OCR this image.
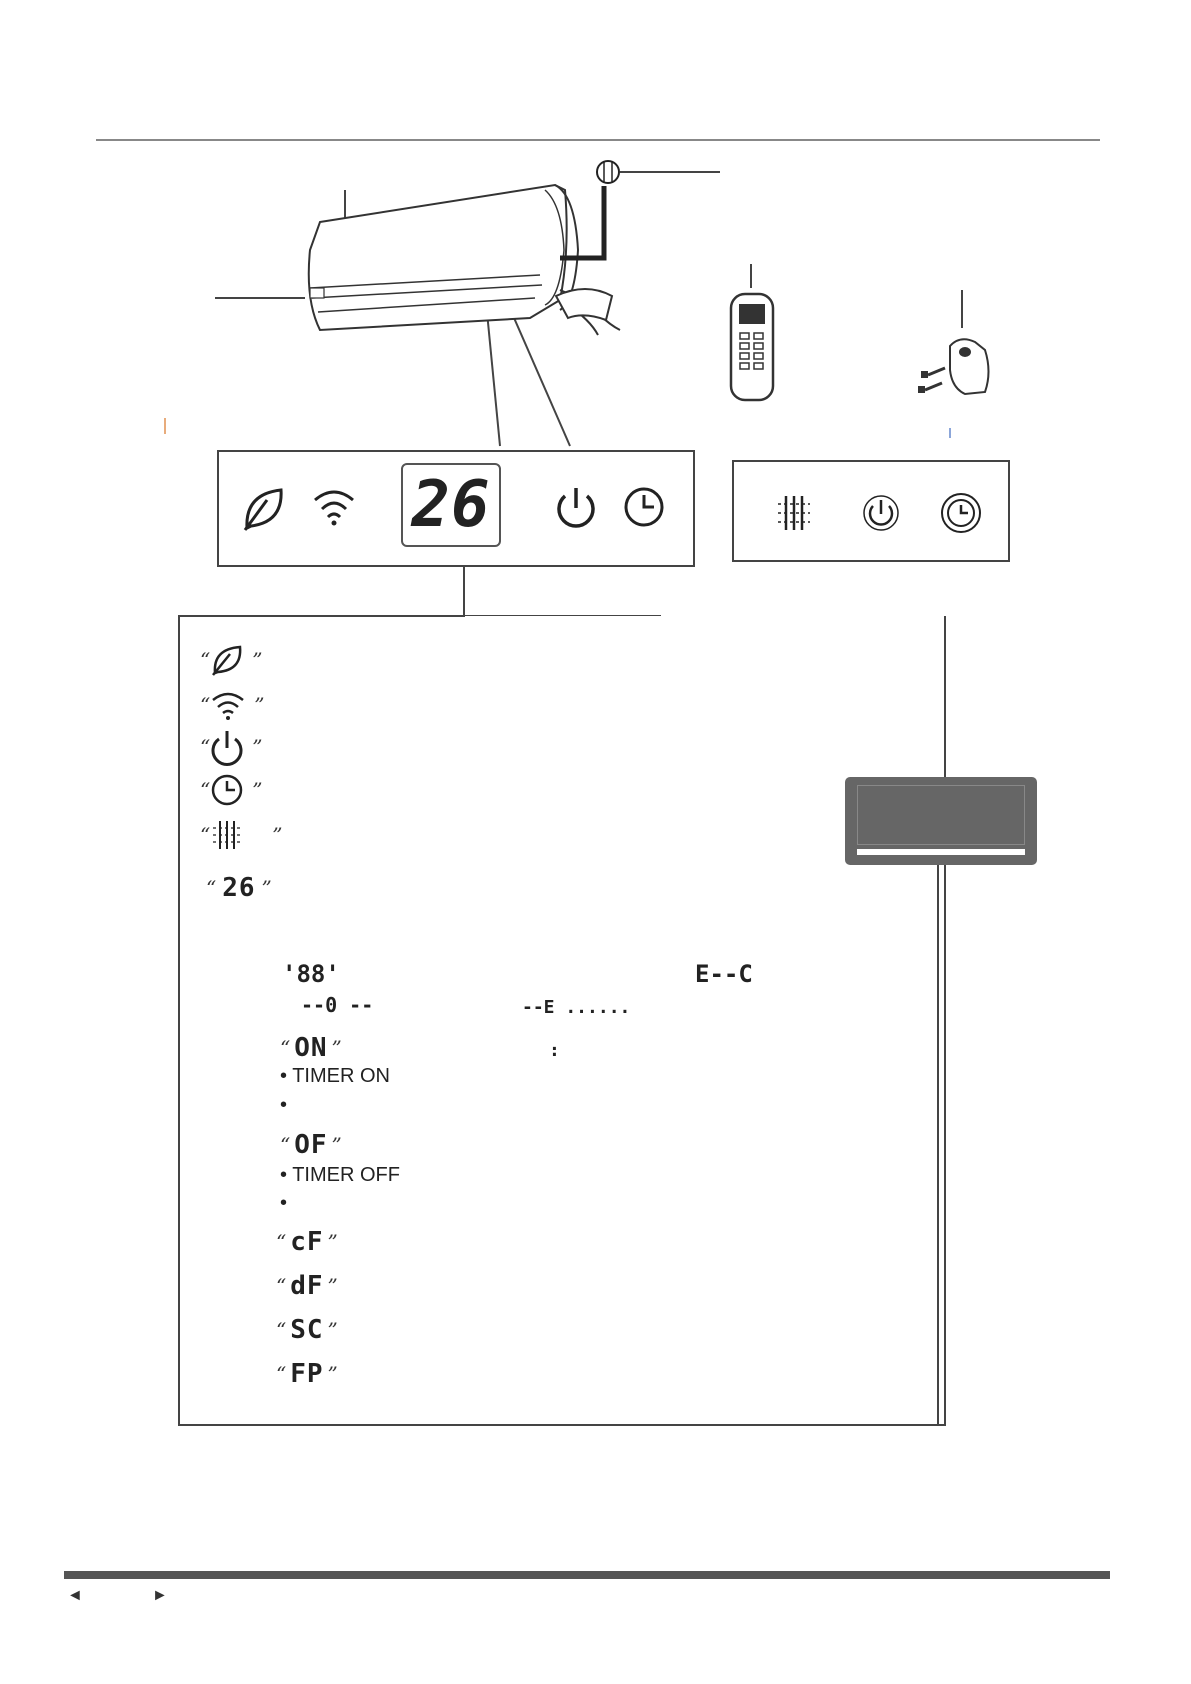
26
“ ”
“ ”
“ ”
“ ”
“	”
“ 26 ”
'88'	E--C
--0 --	--E ......
“ ON ”	:
• TIMER ON
•
“ OF ”
• TIMER OFF
•
“ cF ”
“ dF ”
“ SC ”
“ FP ”
◄	►
